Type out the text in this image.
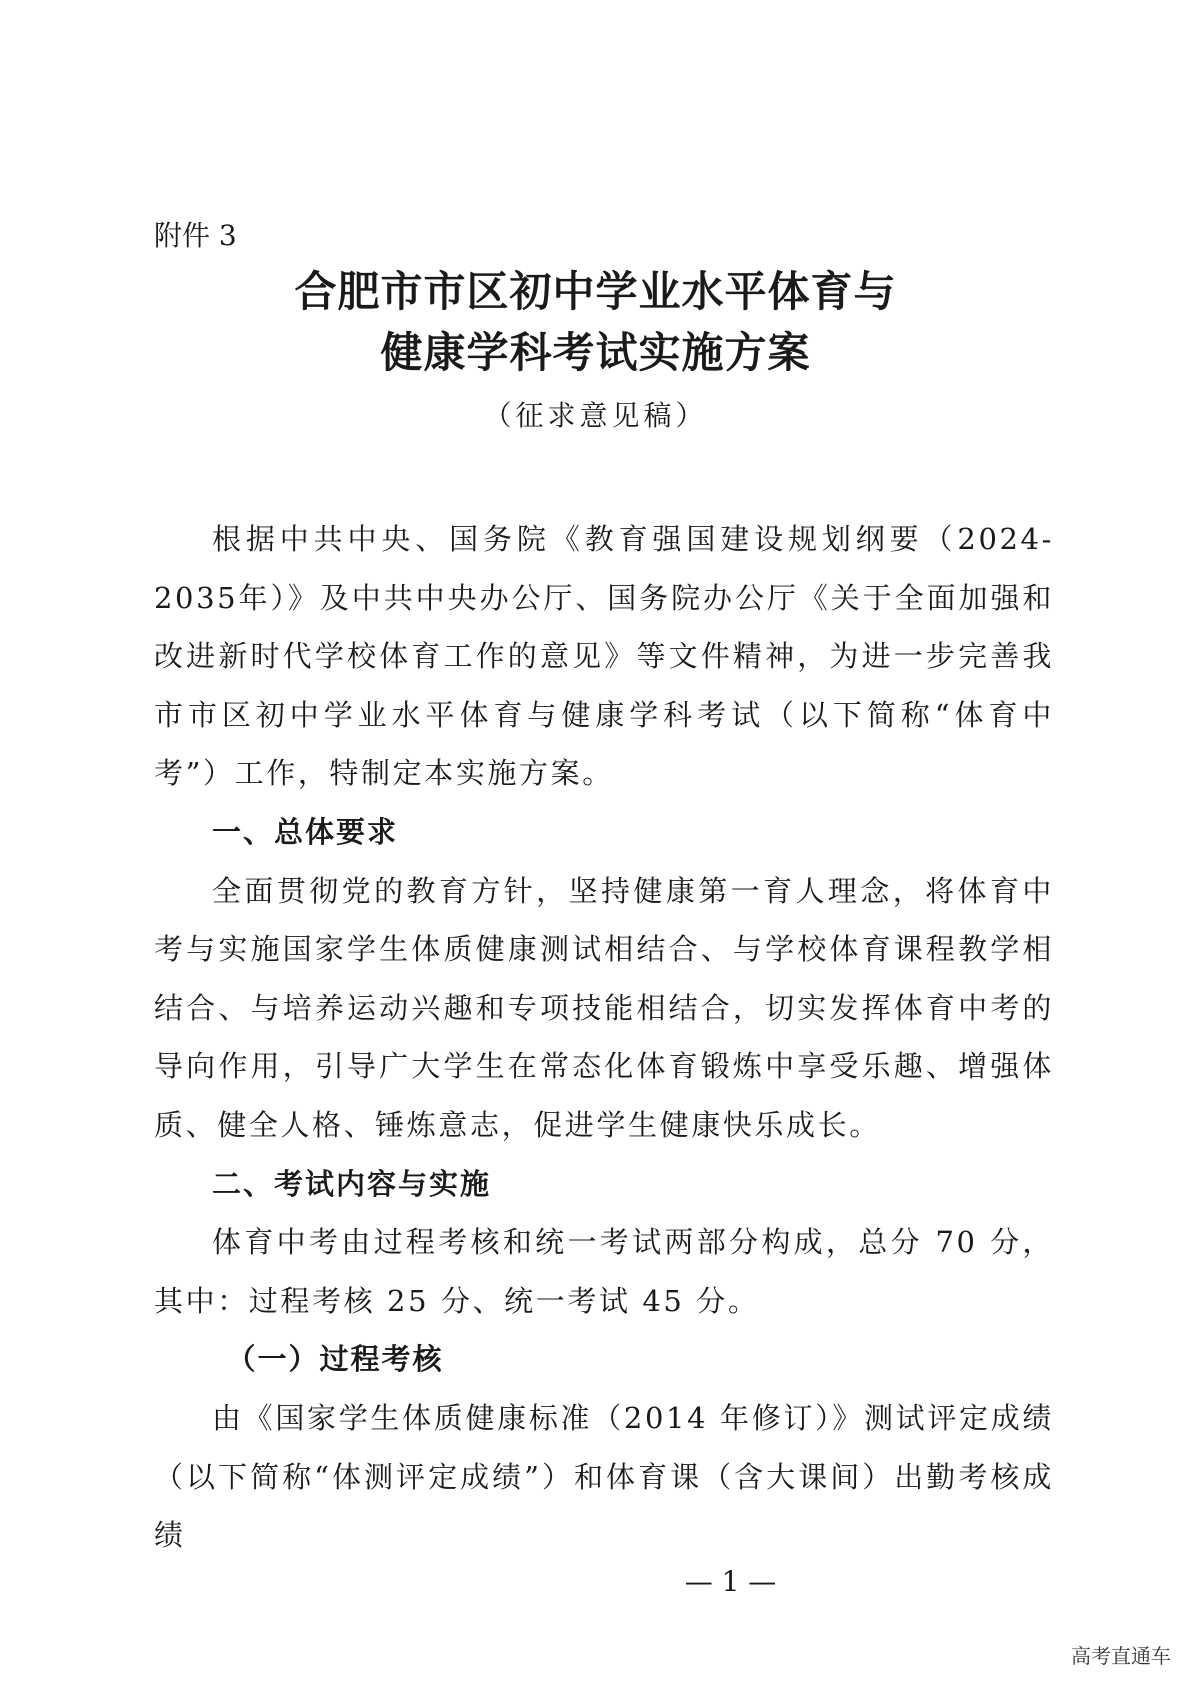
附件 3
合肥市市区初中学业水平体育与
健康学科考试实施方案
（征求意见稿）

根据中共中央、国务院《教育强国建设规划纲要（2024-2035年）》及中共中央办公厅、国务院办公厅《关于全面加强和改进新时代学校体育工作的意见》等文件精神，为进一步完善我市市区初中学业水平体育与健康学科考试（以下简称“体育中考”）工作，特制定本实施方案。

一、总体要求

全面贯彻党的教育方针，坚持健康第一育人理念，将体育中考与实施国家学生体质健康测试相结合、与学校体育课程教学相结合、与培养运动兴趣和专项技能相结合，切实发挥体育中考的导向作用，引导广大学生在常态化体育锻炼中享受乐趣、增强体质、健全人格、锤炼意志，促进学生健康快乐成长。

二、考试内容与实施

体育中考由过程考核和统一考试两部分构成，总分 70 分，其中：过程考核 25 分、统一考试 45 分。

（一）过程考核

由《国家学生体质健康标准（2014 年修订）》测试评定成绩（以下简称“体测评定成绩”）和体育课（含大课间）出勤考核成绩

— 1 —
高考直通车
